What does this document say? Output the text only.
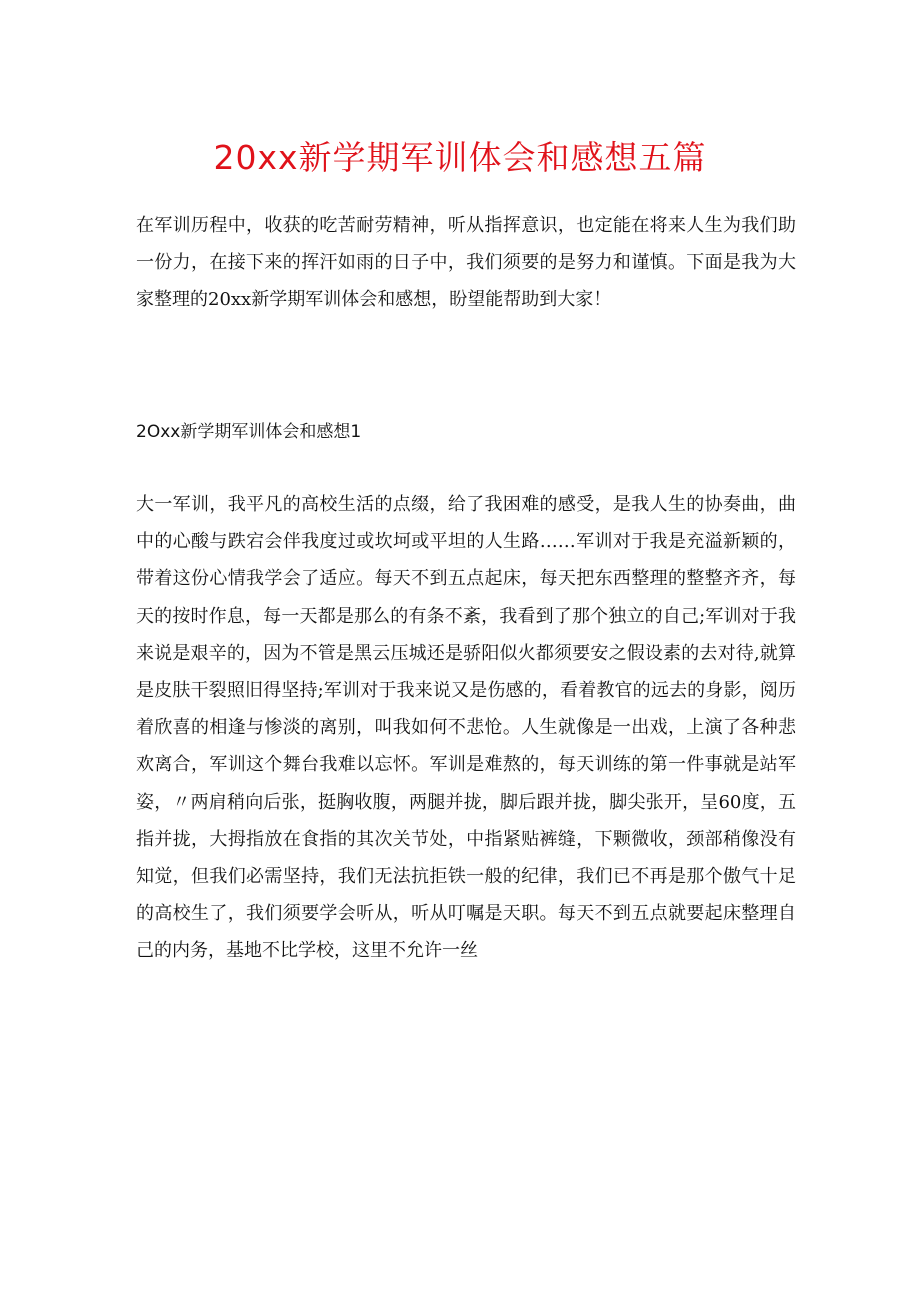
20xx新学期军训体会和感想五篇

在军训历程中，收获的吃苦耐劳精神，听从指挥意识，也定能在将来人生为我们助一份力，在接下来的挥汗如雨的日子中，我们须要的是努力和谨慎。下面是我为大家整理的20xx新学期军训体会和感想，盼望能帮助到大家！

2Oxx新学期军训体会和感想1

大一军训，我平凡的高校生活的点缀，给了我困难的感受，是我人生的协奏曲，曲中的心酸与跌宕会伴我度过或坎坷或平坦的人生路……军训对于我是充溢新颖的，带着这份心情我学会了适应。每天不到五点起床，每天把东西整理的整整齐齐，每天的按时作息，每一天都是那么的有条不紊，我看到了那个独立的自己;军训对于我来说是艰辛的，因为不管是黑云压城还是骄阳似火都须要安之假设素的去对待,就算是皮肤干裂照旧得坚持;军训对于我来说又是伤感的，看着教官的远去的身影，阅历着欣喜的相逢与惨淡的离别，叫我如何不悲怆。人生就像是一出戏，上演了各种悲欢离合，军训这个舞台我难以忘怀。军训是难熬的，每天训练的第一件事就是站军姿，〃两肩稍向后张，挺胸收腹，两腿并拢，脚后跟并拢，脚尖张开，呈60度，五指并拢，大拇指放在食指的其次关节处，中指紧贴裤缝，下颗微收，颈部稍像没有知觉，但我们必需坚持，我们无法抗拒铁一般的纪律，我们已不再是那个傲气十足的高校生了，我们须要学会听从，听从叮嘱是天职。每天不到五点就要起床整理自己的内务，基地不比学校，这里不允许一丝
